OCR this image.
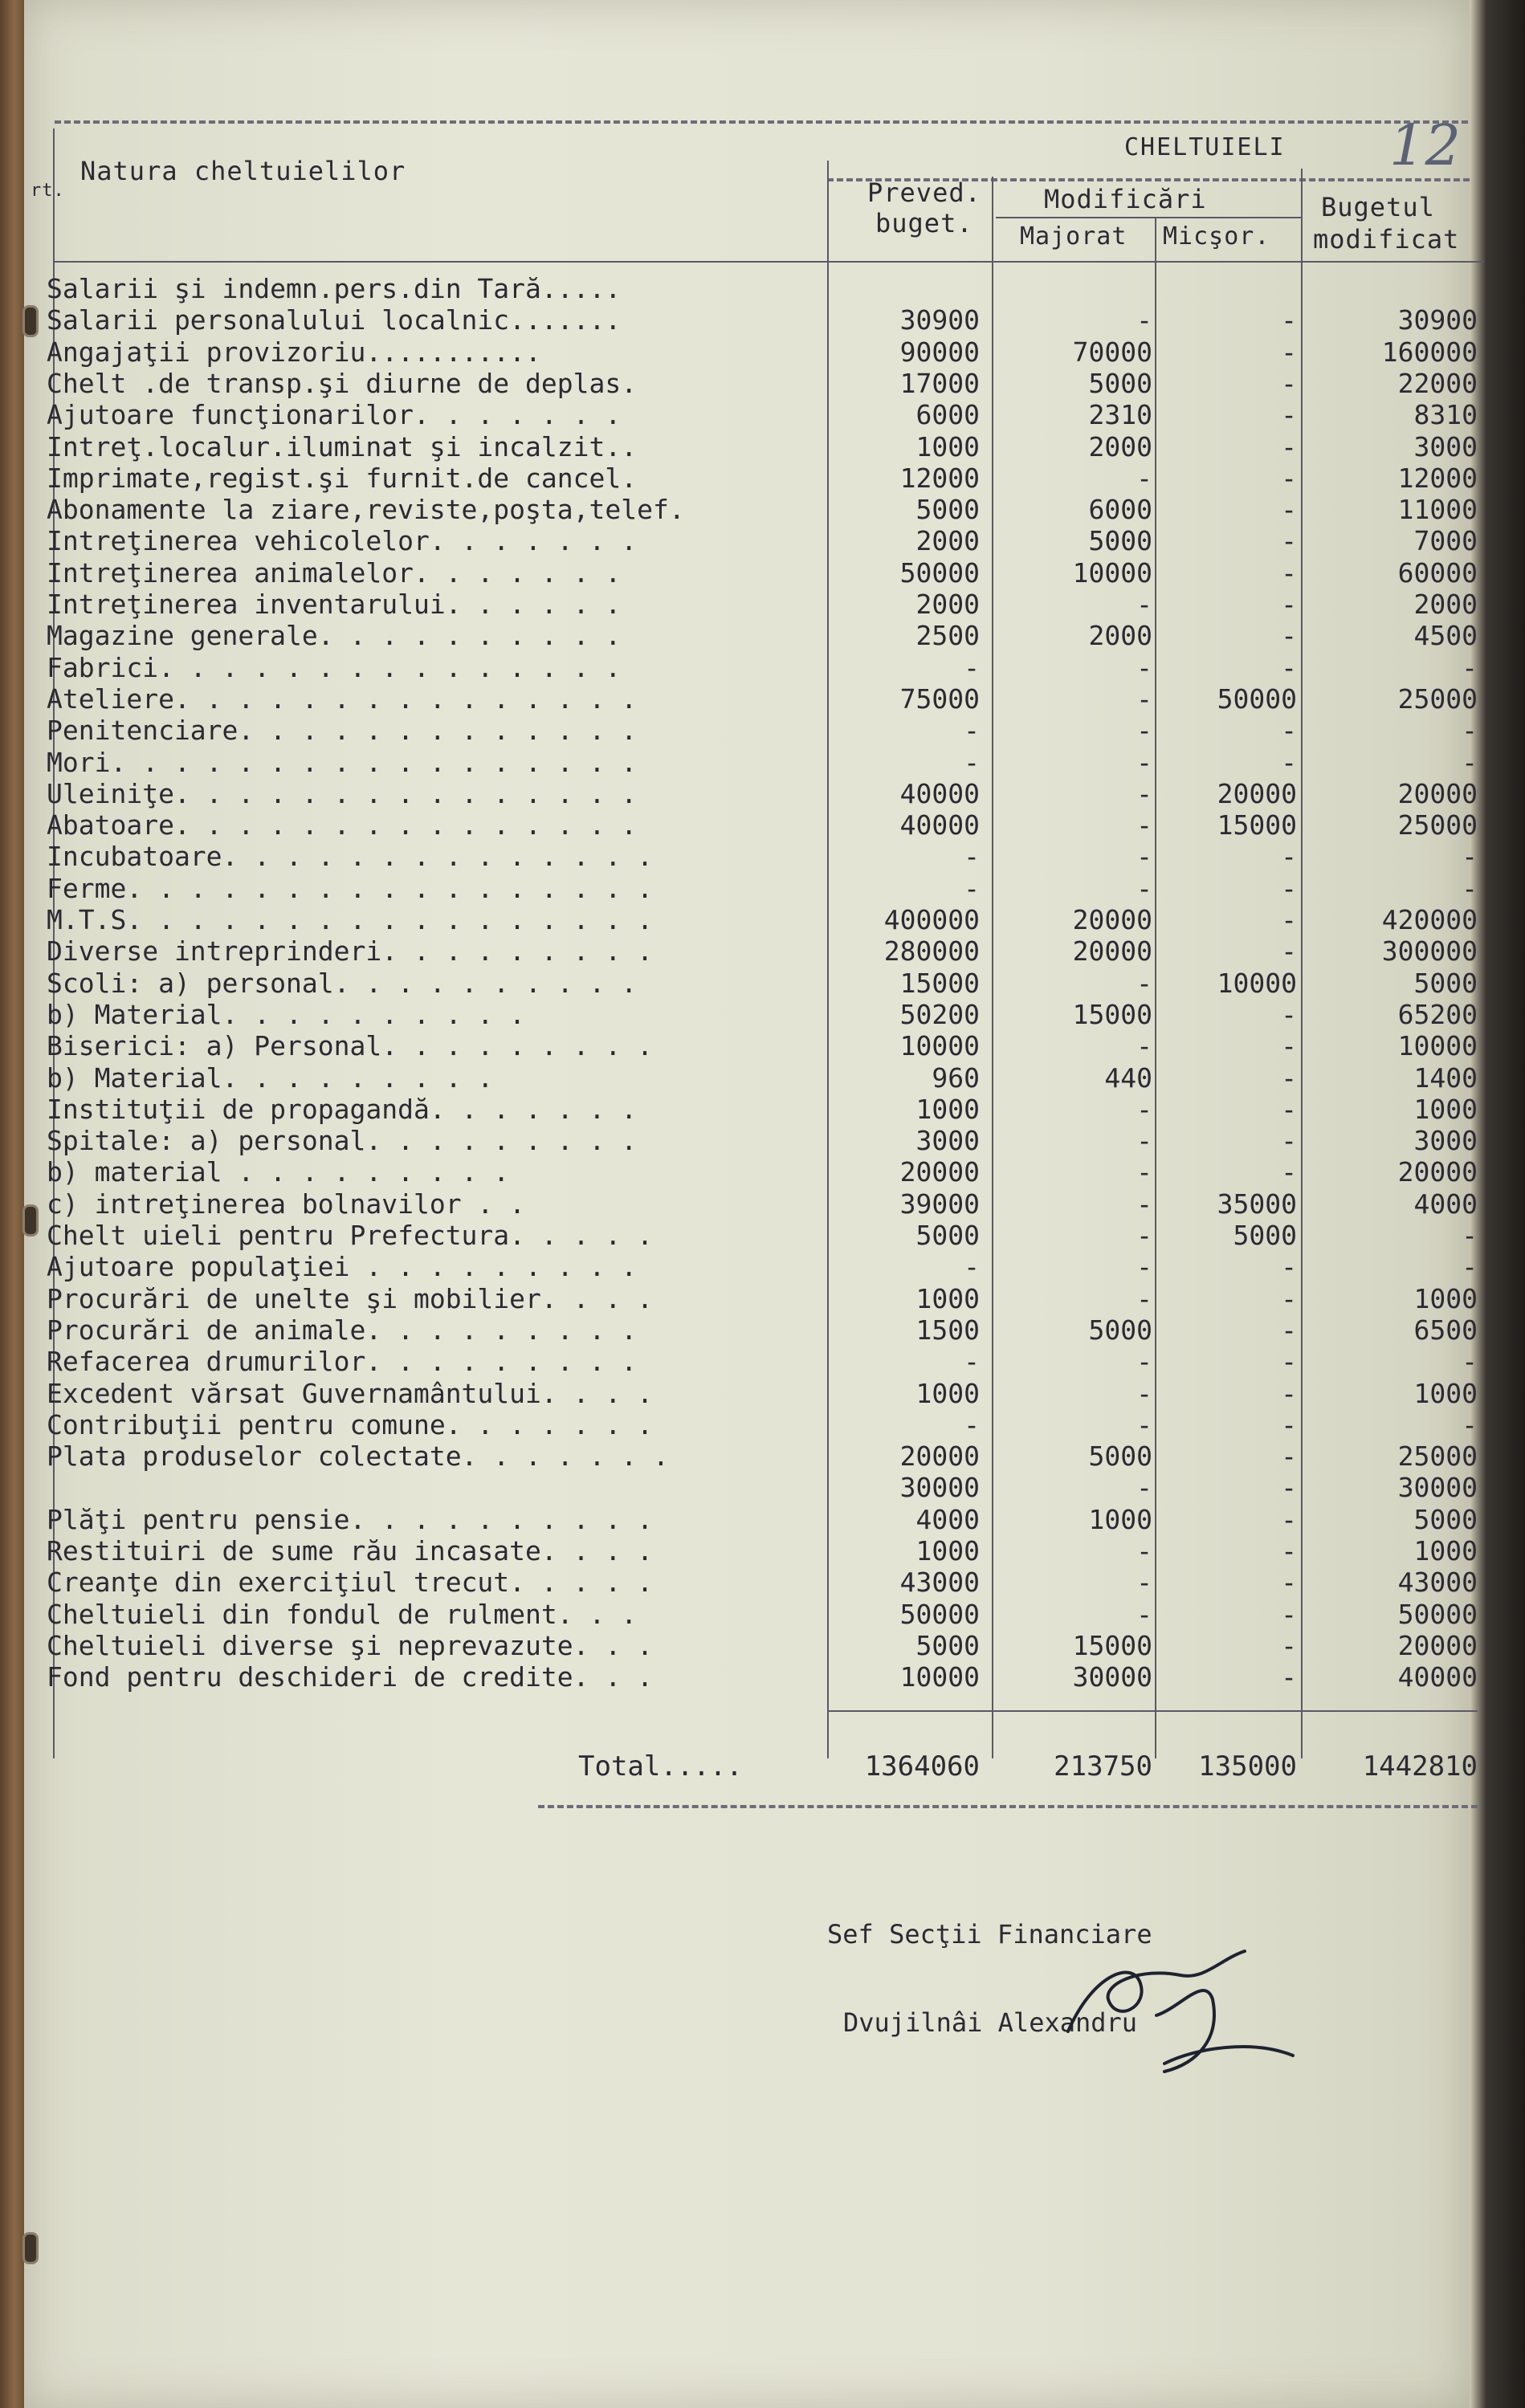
CHELTUIELI 12
rt.
Natura cheltuielilor
Preved.
buget.
Modificări
Majorat Micşor.
Bugetul
modificat
Salarii şi indemn.pers.din Tară.....
Salarii personalului localnic.......	30900	-	-	30900
Angajaţii provizoriu...........	90000	70000	-	160000
Chelt .de transp.şi diurne de deplas.	17000	5000	-	22000
Ajutoare funcţionarilor. . . . . . .	6000	2310	-	8310
Intreţ.localur.iluminat şi incalzit..	1000	2000	-	3000
Imprimate,regist.şi furnit.de cancel.	12000	-	-	12000
Abonamente la ziare,reviste,poşta,telef.	5000	6000	-	11000
Intreţinerea vehicolelor. . . . . . .	2000	5000	-	7000
Intreţinerea animalelor. . . . . . .	50000	10000	-	60000
Intreţinerea inventarului. . . . . .	2000	-	-	2000
Magazine generale. . . . . . . . . .	2500	2000	-	4500
Fabrici. . . . . . . . . . . . . . .	-	-	-	-
Ateliere. . . . . . . . . . . . . . .	75000	-	50000	25000
Penitenciare. . . . . . . . . . . . .	-	-	-	-
Mori. . . . . . . . . . . . . . . . .	-	-	-	-
Uleiniţe. . . . . . . . . . . . . . .	40000	-	20000	20000
Abatoare. . . . . . . . . . . . . . .	40000	-	15000	25000
Incubatoare. . . . . . . . . . . . . .	-	-	-	-
Ferme. . . . . . . . . . . . . . . . .	-	-	-	-
M.T.S. . . . . . . . . . . . . . . . .	400000	20000	-	420000
Diverse intreprinderi. . . . . . . . .	280000	20000	-	300000
Scoli: a) personal. . . . . . . . . .	15000	-	10000	5000
b) Material. . . . . . . . . .	50200	15000	-	65200
Biserici: a) Personal. . . . . . . . .	10000	-	-	10000
b) Material. . . . . . . . .	960	440	-	1400
Instituţii de propagandă. . . . . . .	1000	-	-	1000
Spitale: a) personal. . . . . . . . .	3000	-	-	3000
b) material . . . . . . . . .	20000	-	-	20000
c) intreţinerea bolnavilor . .	39000	-	35000	4000
Chelt uieli pentru Prefectura. . . . .	5000	-	5000	-
Ajutoare populaţiei . . . . . . . . .	-	-	-	-
Procurări de unelte şi mobilier. . . .	1000	-	-	1000
Procurări de animale. . . . . . . . .	1500	5000	-	6500
Refacerea drumurilor. . . . . . . . .	-	-	-	-
Excedent vărsat Guvernamântului. . . .	1000	-	-	1000
Contribuţii pentru comune. . . . . . .	-	-	-	-
Plata produselor colectate. . . . . . .	20000	5000	-	25000
30000	-	-	30000
Plăţi pentru pensie. . . . . . . . . .	4000	1000	-	5000
Restituiri de sume rău incasate. . . .	1000	-	-	1000
Creanţe din exerciţiul trecut. . . . .	43000	-	-	43000
Cheltuieli din fondul de rulment. . .	50000	-	-	50000
Cheltuieli diverse şi neprevazute. . .	5000	15000	-	20000
Fond pentru deschideri de credite. . .	10000	30000	-	40000
Total.....	1364060	213750	135000	1442810
Sef Secţii Financiare
Dvujilnâi Alexandru
